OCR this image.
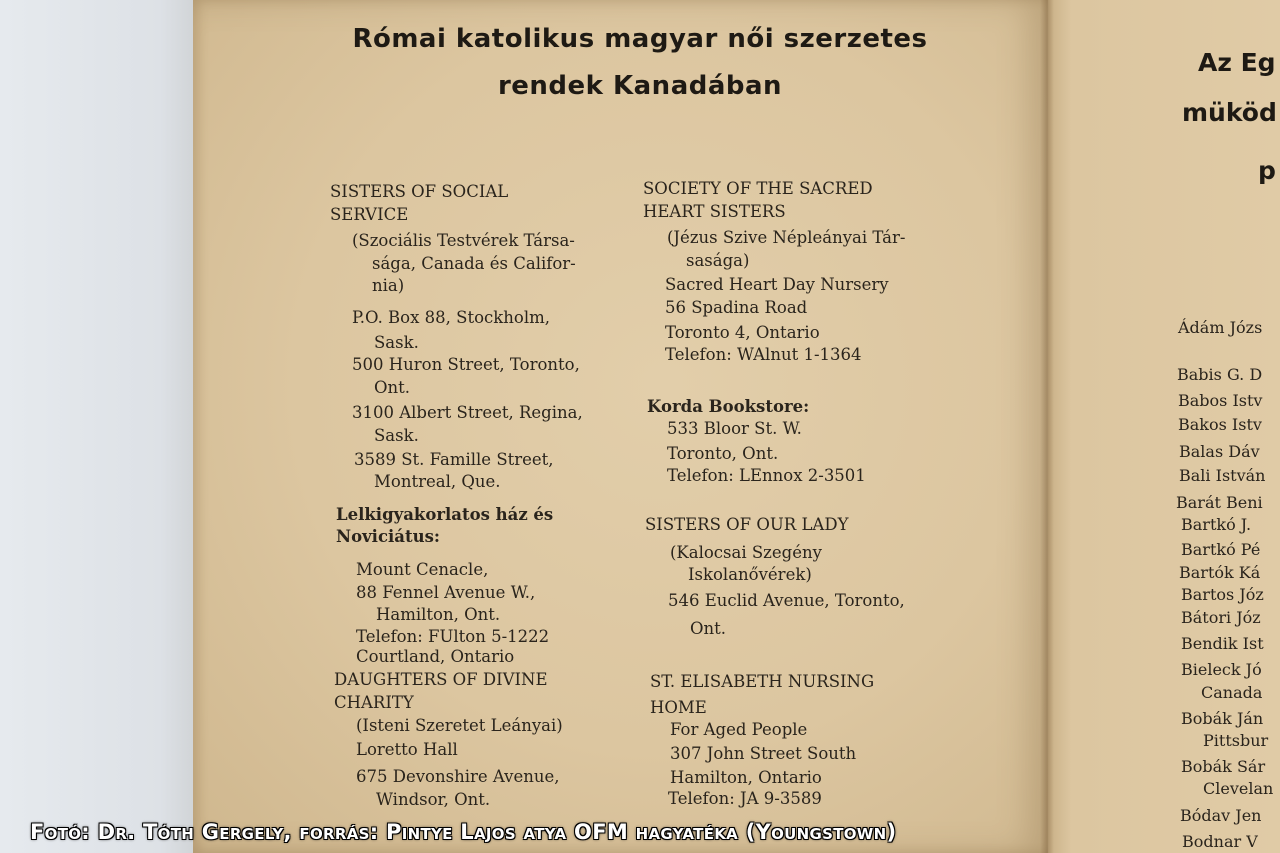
Római katolikus magyar női szerzetes
rendek Kanadában
SISTERS OF SOCIAL
SERVICE
(Szociális Testvérek Társa-
sága, Canada és Califor-
nia)
P.O. Box 88, Stockholm,
Sask.
500 Huron Street, Toronto,
Ont.
3100 Albert Street, Regina,
Sask.
3589 St. Famille Street,
Montreal, Que.
Lelkigyakorlatos ház és
Noviciátus:
Mount Cenacle,
88 Fennel Avenue W.,
Hamilton, Ont.
Telefon: FUlton 5-1222
Courtland, Ontario
DAUGHTERS OF DIVINE
CHARITY
(Isteni Szeretet Leányai)
Loretto Hall
675 Devonshire Avenue,
Windsor, Ont.
SOCIETY OF THE SACRED
HEART SISTERS
(Jézus Szive Népleányai Tár-
sasága)
Sacred Heart Day Nursery
56 Spadina Road
Toronto 4, Ontario
Telefon: WAlnut 1-1364
Korda Bookstore:
533 Bloor St. W.
Toronto, Ont.
Telefon: LEnnox 2-3501
SISTERS OF OUR LADY
(Kalocsai Szegény
Iskolanővérek)
546 Euclid Avenue, Toronto,
Ont.
ST. ELISABETH NURSING
HOME
For Aged People
307 John Street South
Hamilton, Ontario
Telefon: JA 9-3589
Az Eg
müköd
p
Ádám Józs
Babis G. D
Babos Istv
Bakos Istv
Balas Dáv
Bali István
Barát Beni
Bartkó J.
Bartkó Pé
Bartók Ká
Bartos Józ
Bátori Józ
Bendik Ist
Bieleck Jó
Canada
Bobák Ján
Pittsbur
Bobák Sár
Clevelan
Bódav Jen
Bodnar V
Fotó: Dr. Tóth Gergely, forrás: Pintye Lajos atya OFM hagyatéka (Youngstown)
